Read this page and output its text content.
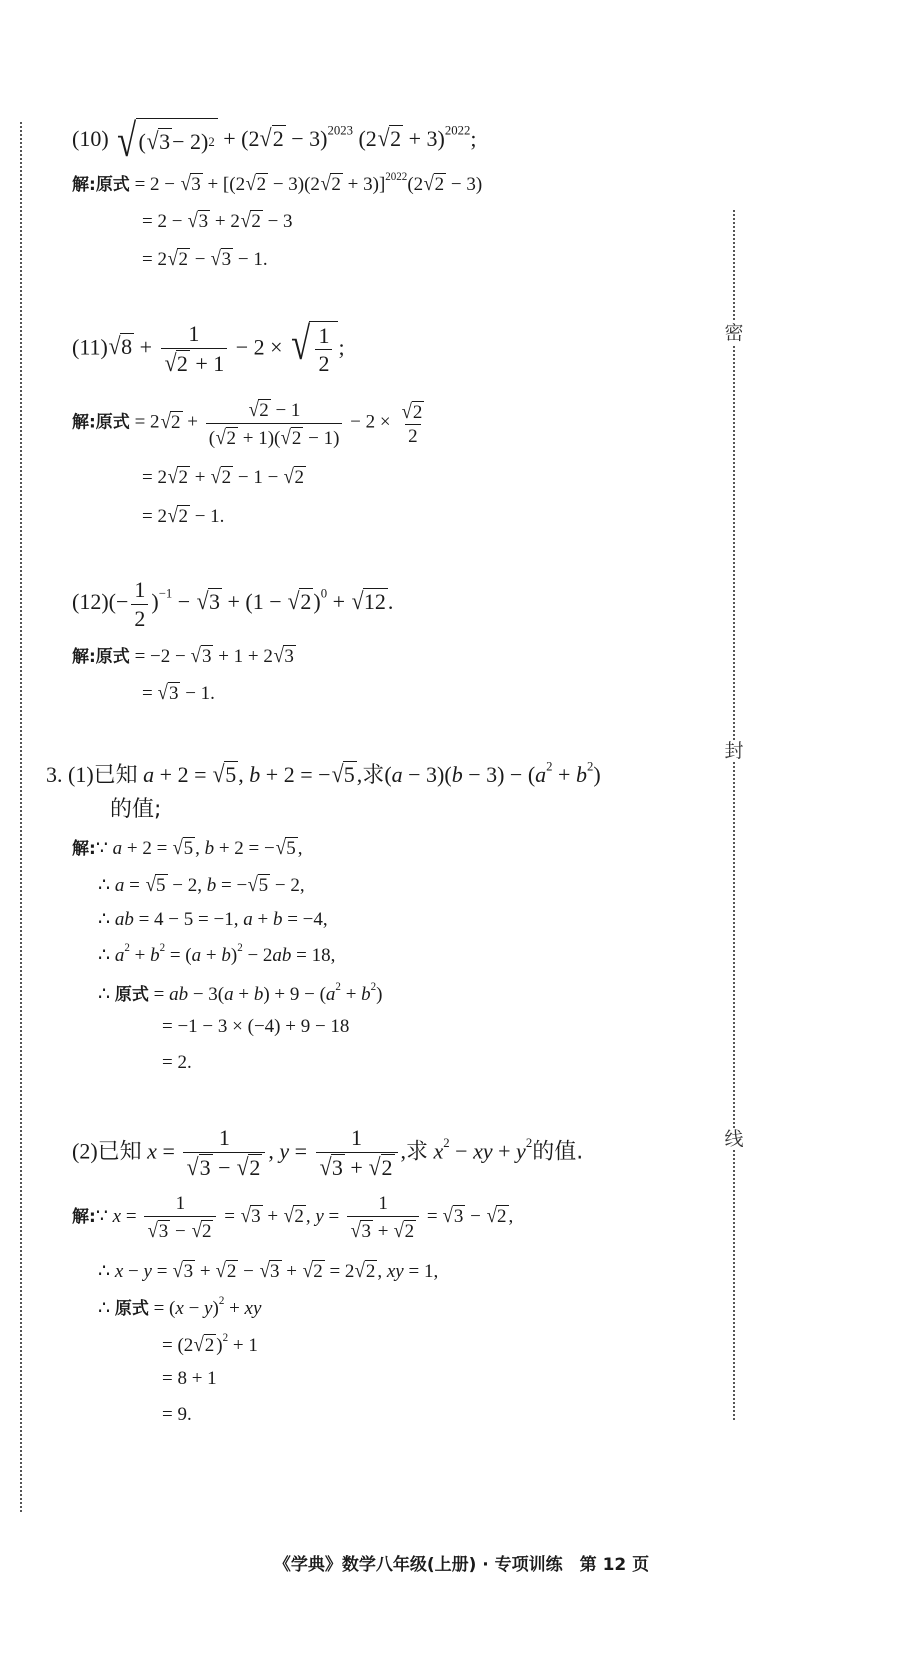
密
封
线
(10) √ ( √3 − 2) $2 + (2√2 - 3)^{2023}$ $(2√2 + 3)^{2022}$;
解:原式 = $2 - √3 + [(2√2 - 3)(2√2 + 3)]^{2022}(2√2 - 3)$
= 2 − √3 + 2√2 − 3
= 2√2 − √3 − 1.
$(11)√8 + \frac{1}{√2 + 1} - 2$ × √ $\frac{1}{2}$ ;
解:原式 = $2√2 + \frac{√2 - 1}{(√2 + 1)(√2 - 1)} - 2 \times \frac{√2}{2}$
= 2√2 + √2 − 1 − √2
= 2√2 − 1.
$(12)(- \frac{1}{2} )^{-1} - √3 + (1 - √2)^0 + √12$.
解:原式 = −2 − √3 + 1 + 2√3
= √3 − 1.
3. (1)已知 a + 2 = √5, b + 2 = −√5,求$(a - 3)(b - 3) - (a^2 + b^2)$
的值;
解:∵ a + 2 = √5 , b + 2 = −√5 ,
∴ a = √5 − 2, b = −√5 − 2,
∴ ab = 4 − 5 = −1, a + b = −4,
∴ $a^2 + b^2 = (a + b)^2 - 2ab = 18$,
∴ 原式 = ab − $3(a + b) + 9 - (a^2 + b^2)$
= −1 − 3 × (−4) + 9 − 18
= 2.
(2)已知 $x = \frac{1}{√3 - √2}$ , $y = \frac{1}{√3 + √2}$ ,求 $x^2$ − xy + $y^2$的值.
解:∵ $x = \frac{1}{√3 - √2} = √3 + √2$ , $y = \frac{1}{√3 + √2} = √3 - √2$ ,
∴ x − y = √3 + √2 − √3 + √2 = 2√2 , xy = 1,
∴ 原式 = $(x - y)^2$ + xy
= (2√2 )$^2$ + 1
= 8 + 1
= 9.
《学典》数学八年级(上册) · 专项训练　第 12 页
